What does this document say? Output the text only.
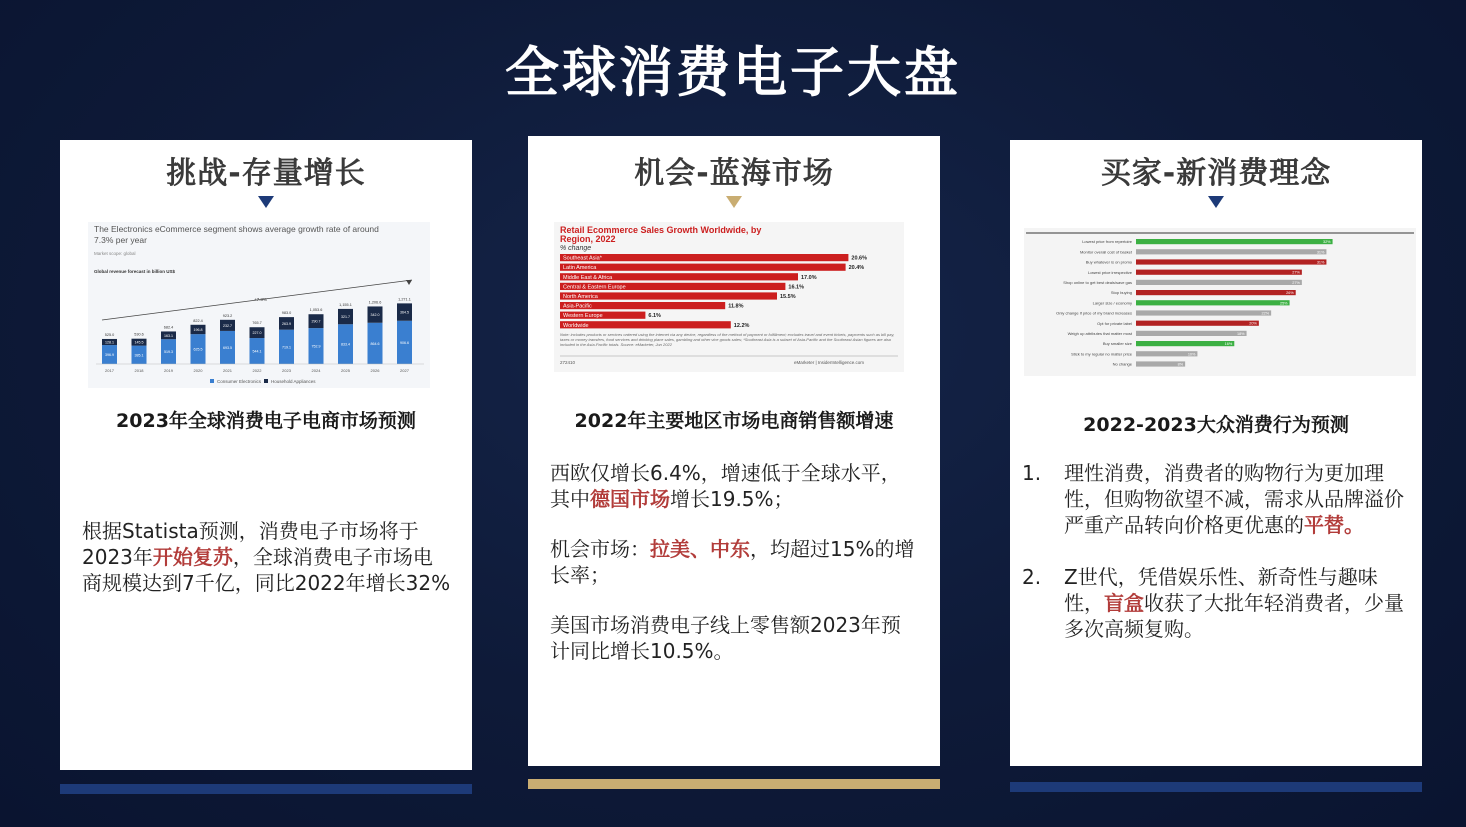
全球消费电子大盘
挑战-存量增长
The Electronics eCommerce segment shows average growth rate of around
7.3% per year
Market scope: global
Global revenue forecast in billion US$
+7.3%
396.9
128.1
525.0
2017
385.1
145.5
530.6
2018
519.3
163.1
682.4
2019
625.5
196.8
822.4
2020
693.5
232.7
923.2
2021
544.1
227.0
765.7
2022
719.1
263.9
983.0
2023
752.9
290.7
1,053.6
2024
833.4
321.7
1,155.1
2025
864.6
342.0
1,206.6
2026
906.6
364.5
1,271.1
2027
Consumer Electronics Household Appliances
2023年全球消费电子电商市场预测
根据Statista预测，消费电子市场将于2023年开始复苏，全球消费电子市场电商规模达到7千亿，同比2022年增长32%
机会-蓝海市场
Retail Ecommerce Sales Growth Worldwide, by
Region, 2022
% change
Southeast Asia*	20.6%
Latin America	20.4%
Middle East & Africa	17.0%
Central & Eastern Europe	16.1%
North America	15.5%
Asia-Pacific	11.8%
Western Europe	6.1%
Worldwide	12.2%
Note: includes products or services ordered using the internet via any device, regardless of the method of payment or fulfillment; excludes travel and event tickets, payments such as bill pay, taxes or money transfers, food services and drinking place sales, gambling and other vice goods sales; *Southeast Asia is a subset of Asia-Pacific and the Southeast Asian figures are also included in the Asia-Pacific totals. Source: eMarketer, Jun 2022
272410	eMarketer | InsiderIntelligence.com
2022年主要地区市场电商销售额增速

西欧仅增长6.4%，增速低于全球水平，其中德国市场增长19.5%；

机会市场：拉美、中东，均超过15%的增长率；

美国市场消费电子线上零售额2023年预计同比增长10.5%。

买家-新消费理念
Lowest price from repertoire	32%
Monitor overall cost of basket	31%
Buy whatever is on promo	31%
Lowest price irrespective	27%
Shop online to get best deals/save gas	27%
Stop buying	26%
Larger size / economy	25%
Only change if price of my brand increases	22%
Opt for private label	20%
Weigh up attributes that matter most	18%
Buy smaller size	16%
Stick to my regular no matter price	10%
No change	8%
2022-2023大众消费行为预测
1. 理性消费，消费者的购物行为更加理性，但购物欲望不减，需求从品牌溢价严重产品转向价格更优惠的平替。
2. Z世代，凭借娱乐性、新奇性与趣味性，盲盒收获了大批年轻消费者，少量多次高频复购。
